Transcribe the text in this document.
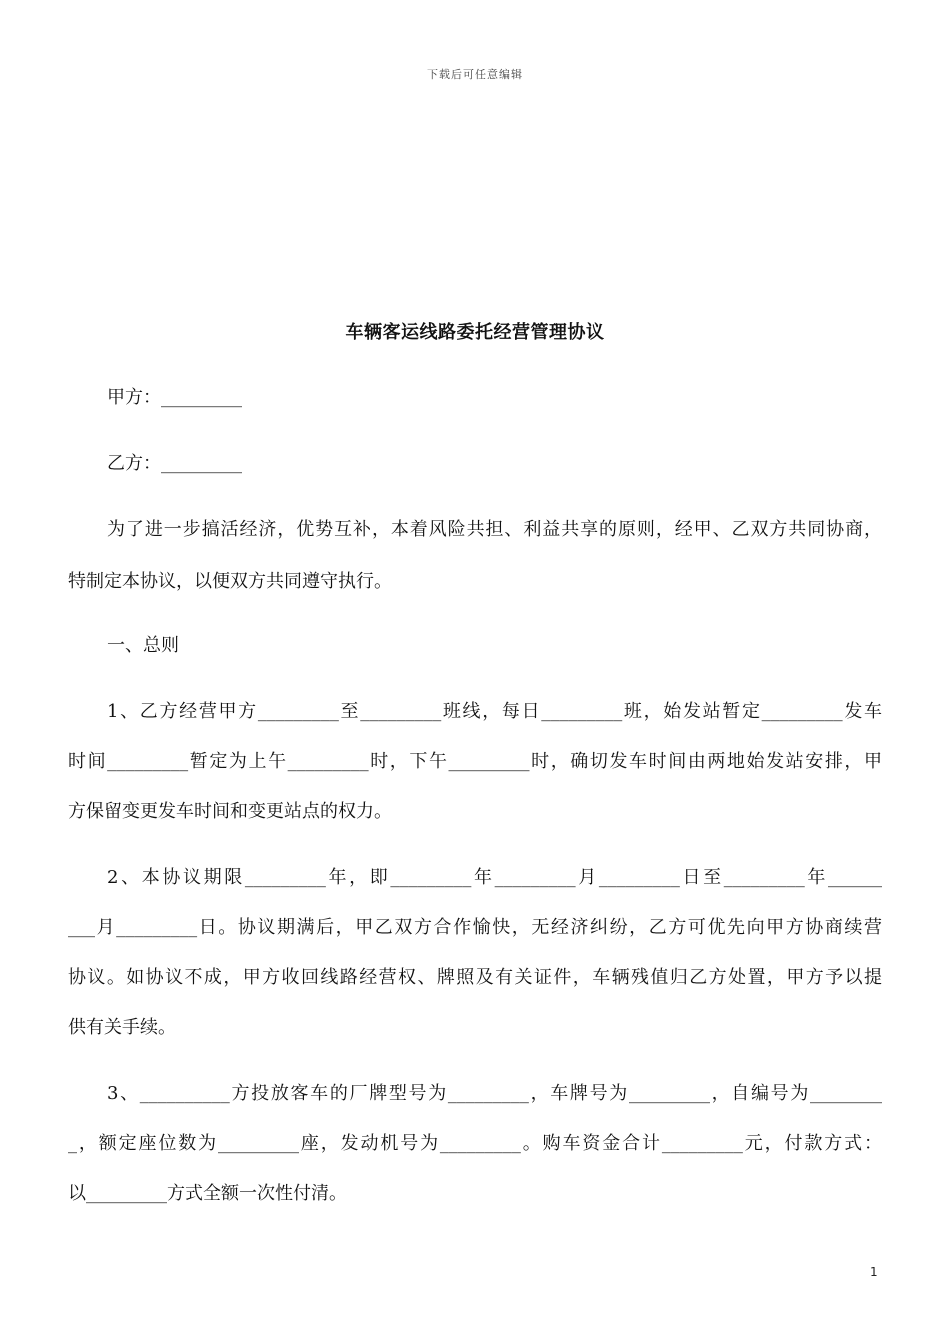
下载后可任意编辑
车辆客运线路委托经营管理协议
甲方：_________
乙方：_________
为了进一步搞活经济，优势互补，本着风险共担、利益共享的原则，经甲、乙双方共同协商，
特制定本协议，以便双方共同遵守执行。
一、总则
1、乙方经营甲方_________至_________班线，每日_________班，始发站暂定_________发车
时间_________暂定为上午_________时，下午_________时，确切发车时间由两地始发站安排，甲
方保留变更发车时间和变更站点的权力。
2、本协议期限_________年，即_________年_________月_________日至_________年______
___月_________日。协议期满后，甲乙双方合作愉快，无经济纠纷，乙方可优先向甲方协商续营
协议。如协议不成，甲方收回线路经营权、牌照及有关证件，车辆残值归乙方处置，甲方予以提
供有关手续。
3、__________方投放客车的厂牌型号为_________，车牌号为_________，自编号为________
_，额定座位数为_________座，发动机号为_________。购车资金合计_________元，付款方式：
以_________方式全额一次性付清。
1
